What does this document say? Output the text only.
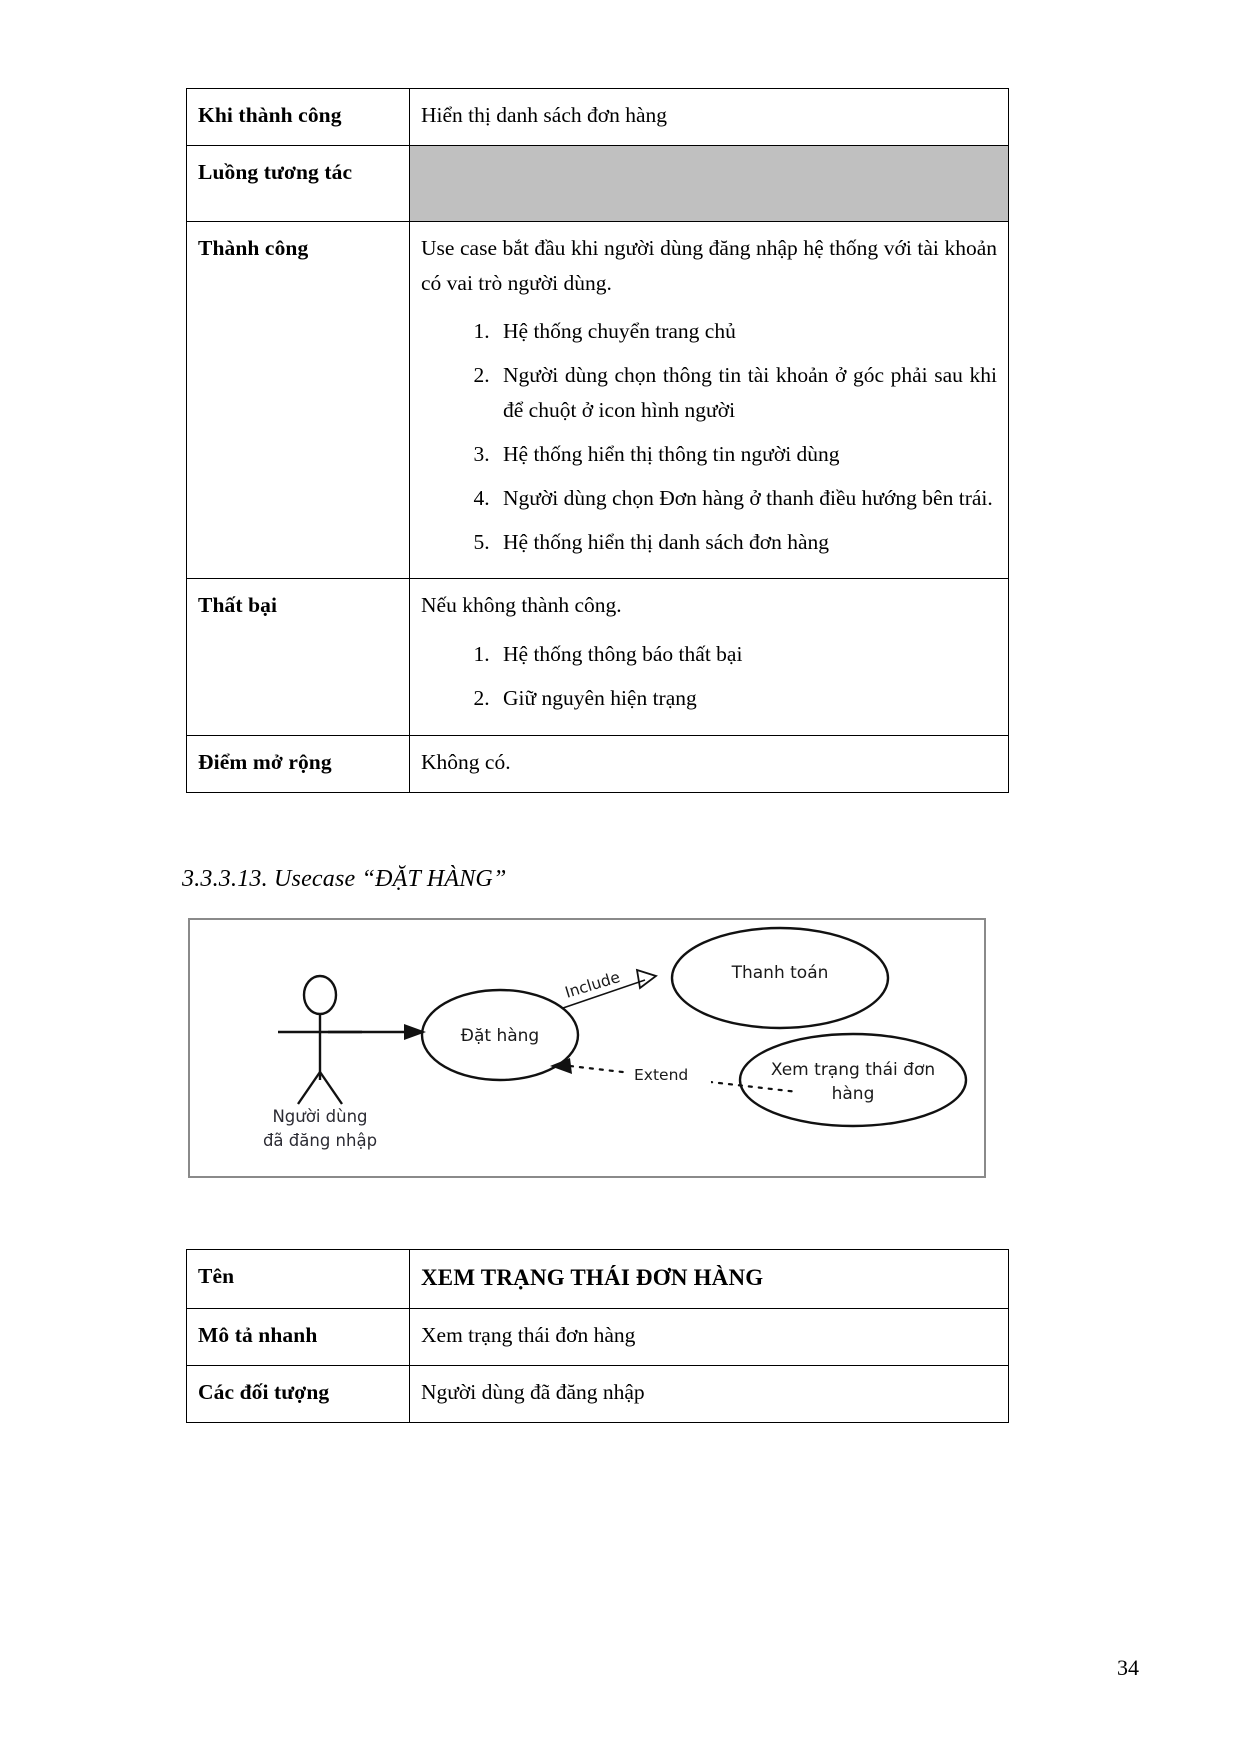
Khi thành công	Hiển thị danh sách đơn hàng

Luồng tương tác	
Thành công	Use case bắt đầu khi người dùng đăng nhập hệ thống với tài khoản có vai trò người dùng.

1. Hệ thống chuyển trang chủ
2. Người dùng chọn thông tin tài khoản ở góc phải sau khi để chuột ở icon hình người
3. Hệ thống hiển thị thông tin người dùng
4. Người dùng chọn Đơn hàng ở thanh điều hướng bên trái.
5. Hệ thống hiển thị danh sách đơn hàng

Thất bại	Nếu không thành công.

1. Hệ thống thông báo thất bại
2. Giữ nguyên hiện trạng

Điểm mở rộng	Không có.

3.3.3.13. Usecase “ĐẶT HÀNG”
Đặt hàng
Include	Thanh toán
Extend	Xem trạng thái đơn
hàng
Người dùng
đã đăng nhập
Tên	XEM TRẠNG THÁI ĐƠN HÀNG

Mô tả nhanh	Xem trạng thái đơn hàng

Các đối tượng	Người dùng đã đăng nhập

34
